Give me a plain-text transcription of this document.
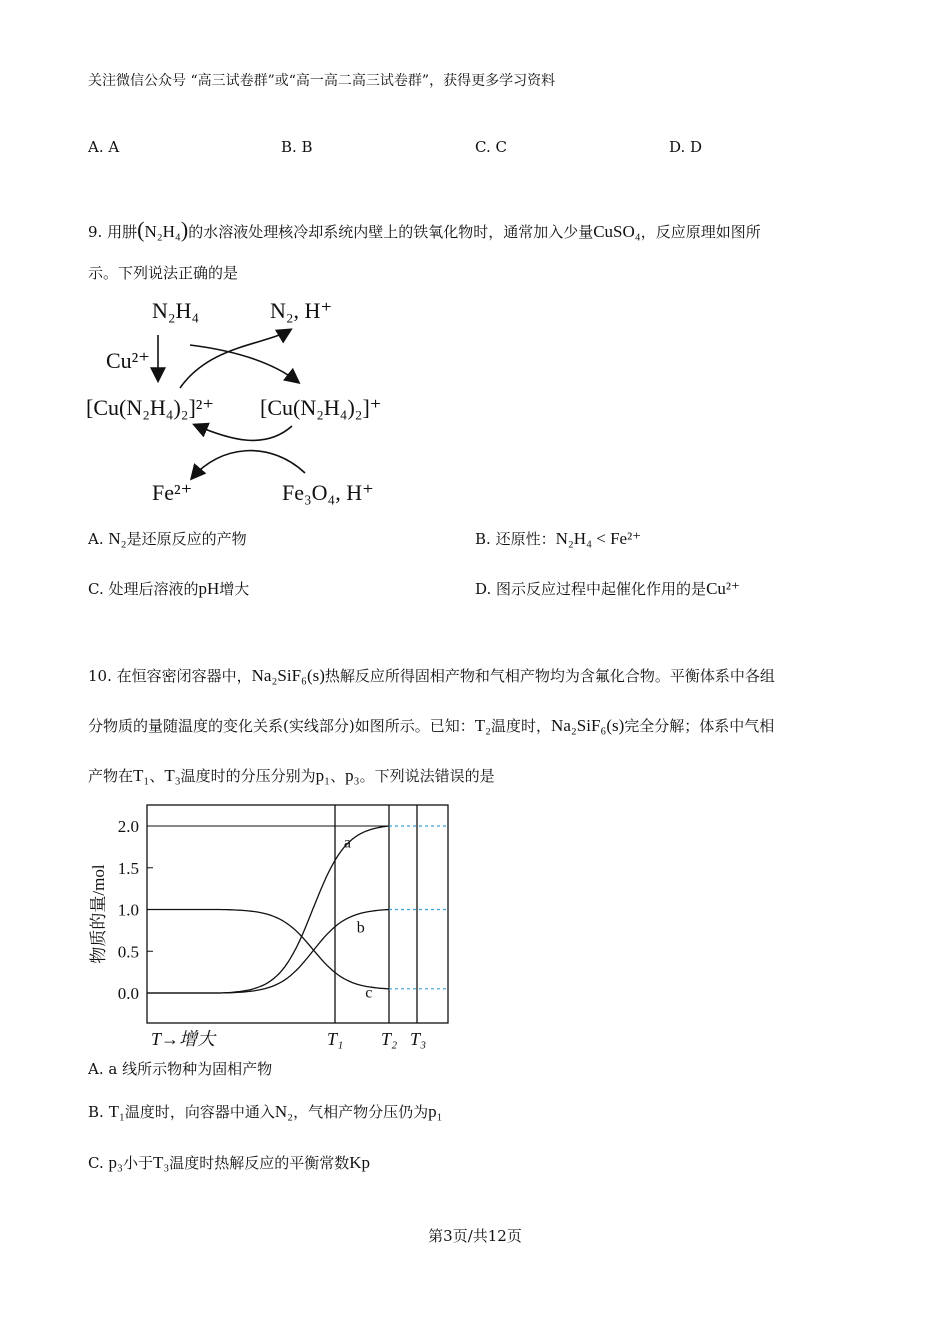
关注微信公众号 “高三试卷群”或“高一高二高三试卷群”，获得更多学习资料
A. A	B. B	C. C	D. D
9. 用肼(N₂H₄)的水溶液处理核冷却系统内壁上的铁氧化物时，通常加入少量CuSO₄，反应原理如图所
示。下列说法正确的是
N₂H₄	N₂, H⁺
Cu²⁺
[Cu(N₂H₄)₂]²⁺ [Cu(N₂H₄)₂]⁺
Fe²⁺	Fe₃O₄, H⁺
A. N₂是还原反应的产物	B. 还原性：N₂H₄ < Fe²⁺
C. 处理后溶液的pH增大	D. 图示反应过程中起催化作用的是Cu²⁺
10. 在恒容密闭容器中，Na₂SiF₆(s)热解反应所得固相产物和气相产物均为含氟化合物。平衡体系中各组
分物质的量随温度的变化关系(实线部分)如图所示。已知：T₂温度时，Na₂SiF₆(s)完全分解；体系中气相
产物在T₁、T₃温度时的分压分别为p₁、p₃。下列说法错误的是
2.0
1.5
1.0
0.5
0.0
物质的量/mol
T→增大	T₁ T₂ T₃
a
b
c
A. a 线所示物种为固相产物
B. T₁温度时，向容器中通入N₂，气相产物分压仍为p₁
C. p₃小于T₃温度时热解反应的平衡常数Kp
第3页/共12页
